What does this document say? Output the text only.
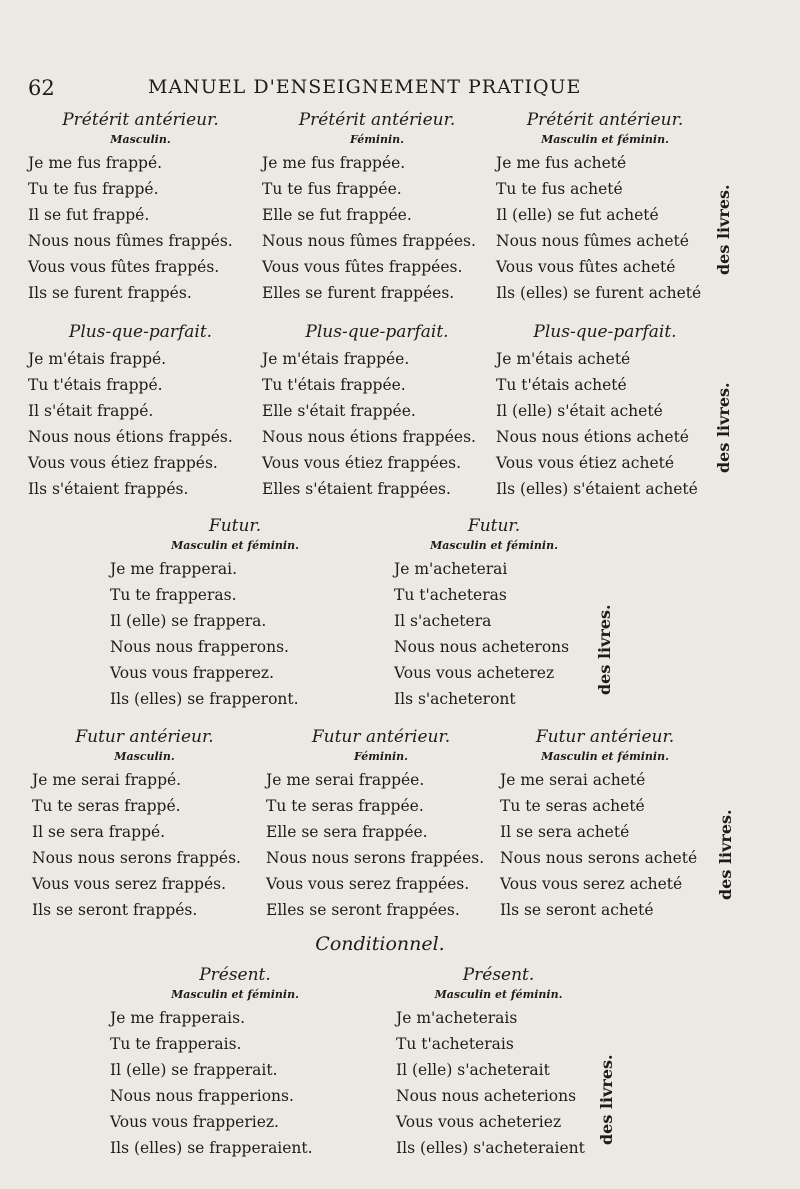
62	MANUEL D'ENSEIGNEMENT PRATIQUE
Prétérit antérieur.
Masculin.
Je me fus frappé.
Tu te fus frappé.
Il se fut frappé.
Nous nous fûmes frappés.
Vous vous fûtes frappés.
Ils se furent frappés.
Prétérit antérieur.
Féminin.
Je me fus frappée.
Tu te fus frappée.
Elle se fut frappée.
Nous nous fûmes frappées.
Vous vous fûtes frappées.
Elles se furent frappées.
Prétérit antérieur.
Masculin et féminin.
Je me fus acheté
Tu te fus acheté
Il (elle) se fut acheté
Nous nous fûmes acheté
Vous vous fûtes acheté
Ils (elles) se furent acheté
des livres.
Plus-que-parfait.
Je m'étais frappé.
Tu t'étais frappé.
Il s'était frappé.
Nous nous étions frappés.
Vous vous étiez frappés.
Ils s'étaient frappés.
Plus-que-parfait.
Je m'étais frappée.
Tu t'étais frappée.
Elle s'était frappée.
Nous nous étions frappées.
Vous vous étiez frappées.
Elles s'étaient frappées.
Plus-que-parfait.
Je m'étais acheté
Tu t'étais acheté
Il (elle) s'était acheté
Nous nous étions acheté
Vous vous étiez acheté
Ils (elles) s'étaient acheté
des livres.
Futur.
Masculin et féminin.
Je me frapperai.
Tu te frapperas.
Il (elle) se frappera.
Nous nous frapperons.
Vous vous frapperez.
Ils (elles) se frapperont.
Futur.
Masculin et féminin.
Je m'acheterai
Tu t'acheteras
Il s'achetera
Nous nous acheterons
Vous vous acheterez
Ils s'acheteront
des livres.
Futur antérieur.
Masculin.
Je me serai frappé.
Tu te seras frappé.
Il se sera frappé.
Nous nous serons frappés.
Vous vous serez frappés.
Ils se seront frappés.
Futur antérieur.
Féminin.
Je me serai frappée.
Tu te seras frappée.
Elle se sera frappée.
Nous nous serons frappées.
Vous vous serez frappées.
Elles se seront frappées.
Futur antérieur.
Masculin et féminin.
Je me serai acheté
Tu te seras acheté
Il se sera acheté
Nous nous serons acheté
Vous vous serez acheté
Ils se seront acheté
des livres.
Conditionnel.
Présent.
Masculin et féminin.
Je me frapperais.
Tu te frapperais.
Il (elle) se frapperait.
Nous nous frapperions.
Vous vous frapperiez.
Ils (elles) se frapperaient.
Présent.
Masculin et féminin.
Je m'acheterais
Tu t'acheterais
Il (elle) s'acheterait
Nous nous acheterions
Vous vous acheteriez
Ils (elles) s'acheteraient
des livres.
